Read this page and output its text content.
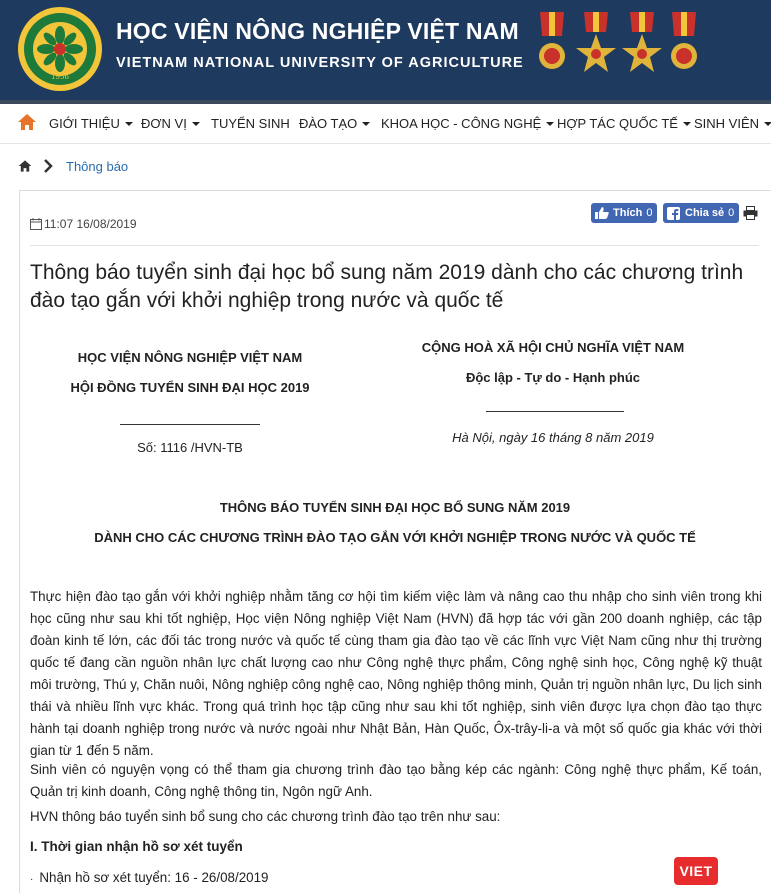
1956
HỌC VIỆN NÔNG NGHIỆP VIỆT NAM
VIETNAM NATIONAL UNIVERSITY OF AGRICULTURE
GIỚI THIỆU	ĐƠN VỊ	TUYỂN SINH ĐÀO TẠO	KHOA HỌC - CÔNG NGHỆ	HỢP TÁC QUỐC TẾ	SINH VIÊN
Thông báo
11:07 16/08/2019
Thích 0	Chia sẻ 0
Thông báo tuyển sinh đại học bổ sung năm 2019 dành cho các chương trình đào tạo gắn với khởi nghiệp trong nước và quốc tế
HỌC VIỆN NÔNG NGHIỆP VIỆT NAM
HỘI ĐỒNG TUYỂN SINH ĐẠI HỌC 2019
Số: 1116 /HVN-TB
CỘNG HOÀ XÃ HỘI CHỦ NGHĨA VIỆT NAM
Độc lập - Tự do - Hạnh phúc
Hà Nội, ngày 16 tháng 8 năm 2019
THÔNG BÁO TUYỂN SINH ĐẠI HỌC BỔ SUNG NĂM 2019
DÀNH CHO CÁC CHƯƠNG TRÌNH ĐÀO TẠO GẮN VỚI KHỞI NGHIỆP TRONG NƯỚC VÀ QUỐC TẾ
Thực hiện đào tạo gắn với khởi nghiệp nhằm tăng cơ hội tìm kiếm việc làm và nâng cao thu nhập cho sinh viên trong khi học cũng như sau khi tốt nghiệp, Học viện Nông nghiệp Việt Nam (HVN) đã hợp tác với gần 200 doanh nghiệp, các tập đoàn kinh tế lớn, các đối tác trong nước và quốc tế cùng tham gia đào tạo về các lĩnh vực Việt Nam cũng như thị trường quốc tế đang cần nguồn nhân lực chất lượng cao như Công nghệ thực phẩm, Công nghệ sinh học, Công nghệ kỹ thuật môi trường, Thú y, Chăn nuôi, Nông nghiệp công nghệ cao, Nông nghiệp thông minh, Quản trị nguồn nhân lực, Du lịch sinh thái và nhiều lĩnh vực khác. Trong quá trình học tập cũng như sau khi tốt nghiệp, sinh viên được lựa chọn đào tạo thực hành tại doanh nghiệp trong nước và nước ngoài như Nhật Bản, Hàn Quốc, Ôx-trây-li-a và một số quốc gia khác với thời gian từ 1 đến 5 năm.
Sinh viên có nguyện vọng có thể tham gia chương trình đào tạo bằng kép các ngành: Công nghệ thực phẩm, Kế toán, Quản trị kinh doanh, Công nghệ thông tin, Ngôn ngữ Anh.
HVN thông báo tuyển sinh bổ sung cho các chương trình đào tạo trên như sau:
I. Thời gian nhận hồ sơ xét tuyển
· Nhận hồ sơ xét tuyển: 16 - 26/08/2019	VIET
